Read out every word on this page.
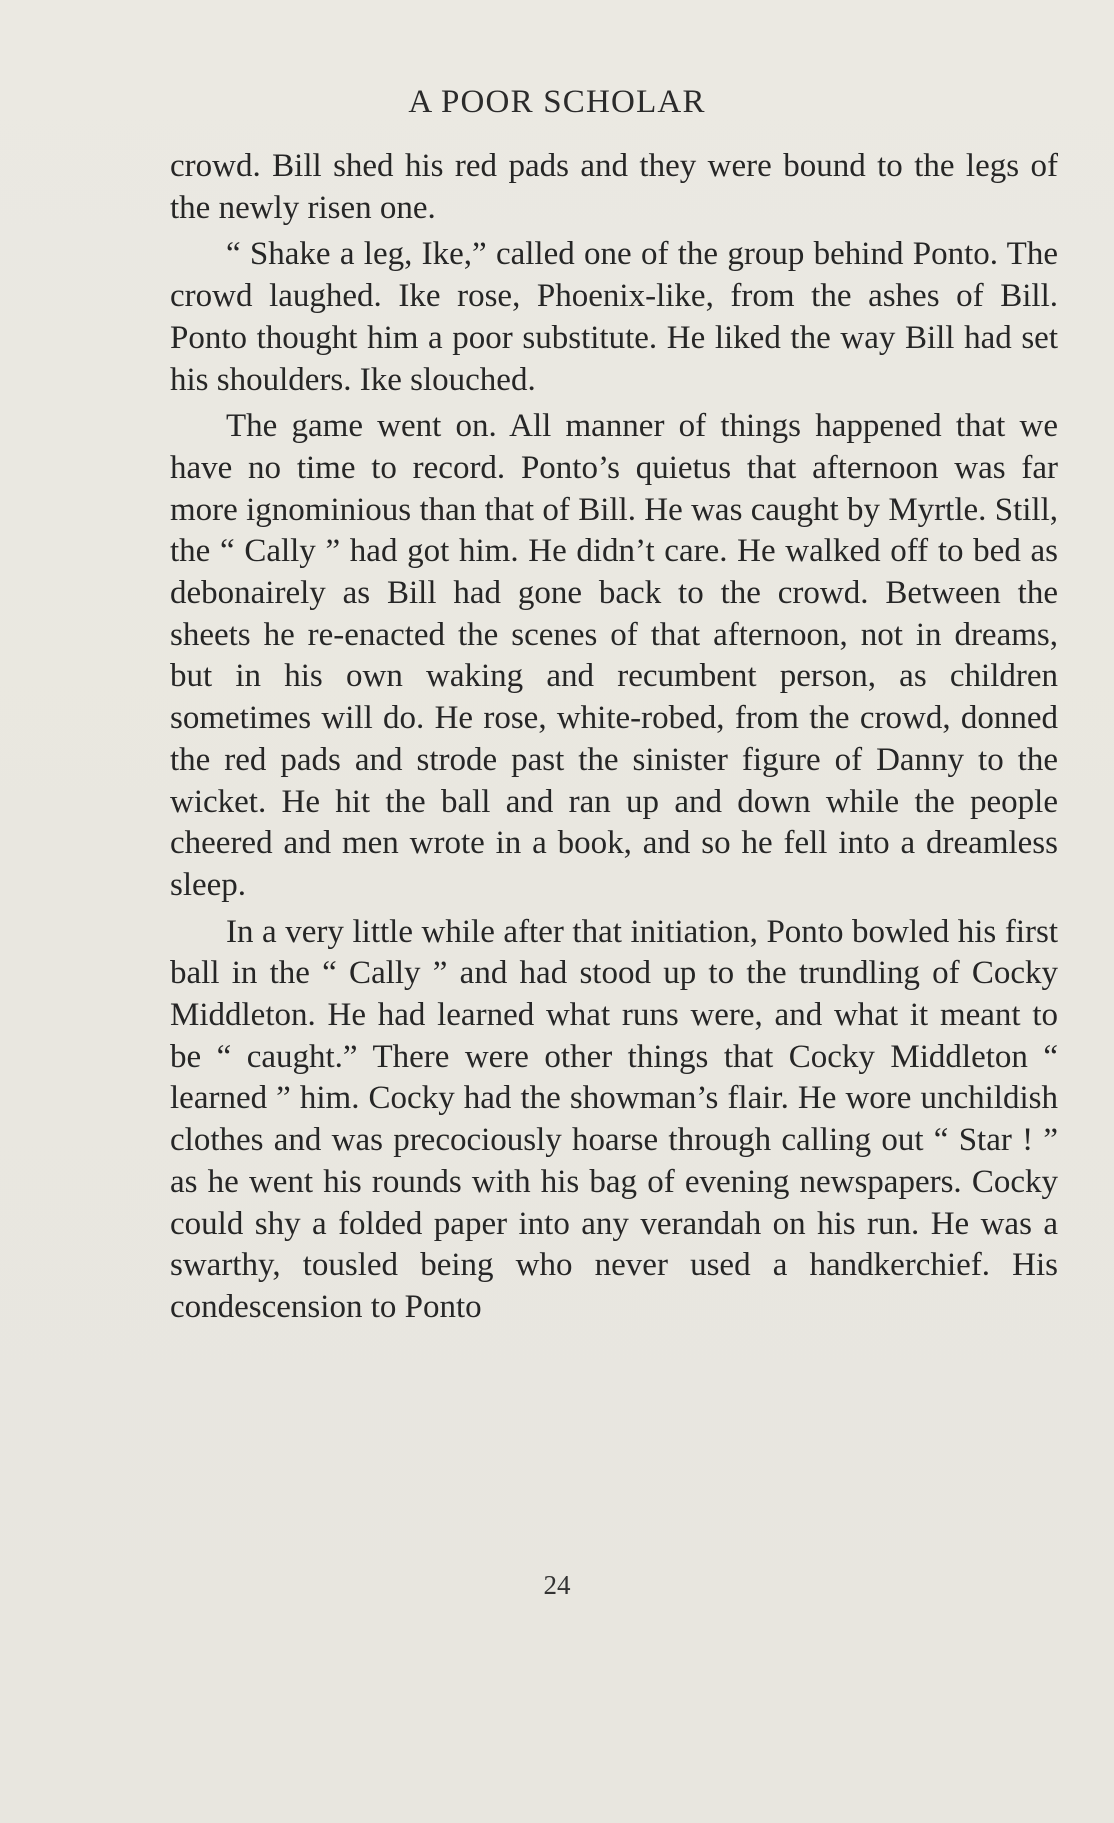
A POOR SCHOLAR

crowd. Bill shed his red pads and they were bound to the legs of the newly risen one.

“ Shake a leg, Ike,” called one of the group behind Ponto. The crowd laughed. Ike rose, Phoenix-like, from the ashes of Bill. Ponto thought him a poor substitute. He liked the way Bill had set his shoulders. Ike slouched.

The game went on. All manner of things happened that we have no time to record. Ponto’s quietus that afternoon was far more ignominious than that of Bill. He was caught by Myrtle. Still, the “ Cally ” had got him. He didn’t care. He walked off to bed as debonairely as Bill had gone back to the crowd. Between the sheets he re-enacted the scenes of that afternoon, not in dreams, but in his own waking and recumbent person, as children sometimes will do. He rose, white-robed, from the crowd, donned the red pads and strode past the sinister figure of Danny to the wicket. He hit the ball and ran up and down while the people cheered and men wrote in a book, and so he fell into a dreamless sleep.

In a very little while after that initiation, Ponto bowled his first ball in the “ Cally ” and had stood up to the trundling of Cocky Middleton. He had learned what runs were, and what it meant to be “ caught.” There were other things that Cocky Middleton “ learned ” him. Cocky had the showman’s flair. He wore unchildish clothes and was precociously hoarse through calling out “ Star ! ” as he went his rounds with his bag of evening newspapers. Cocky could shy a folded paper into any verandah on his run. He was a swarthy, tousled being who never used a handkerchief. His condescension to Ponto

24
